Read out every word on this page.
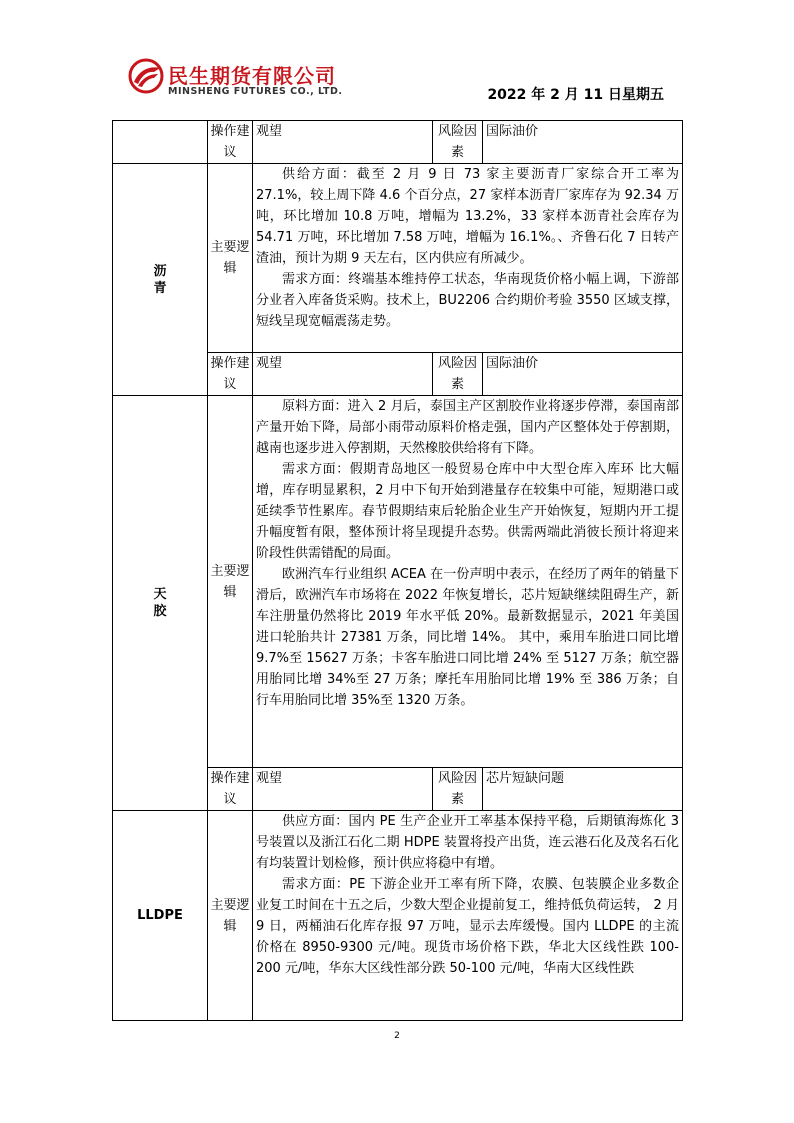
民生期货有限公司
MINSHENG FUTURES CO., LTD.	2022 年 2 月 11 日星期五
	操作建议	观望	风险因素	国际油价

沥青	主要逻辑	供给方面：截至 2 月 9 日 73 家主要沥青厂家综合开工率为 27.1%，较上周下降 4.6 个百分点，27 家样本沥青厂家库存为 92.34 万吨，环比增加 10.8 万吨，增幅为 13.2%，33 家样本沥青社会库存为 54.71 万吨，环比增加 7.58 万吨，增幅为 16.1%。、齐鲁石化 7 日转产渣油，预计为期 9 天左右，区内供应有所减少。

需求方面：终端基本维持停工状态，华南现货价格小幅上调，下游部分业者入库备货采购。技术上，BU2206 合约期价考验 3550 区域支撑，短线呈现宽幅震荡走势。		

	操作建议	观望	风险因素	国际油价

天胶	主要逻辑	原料方面：进入 2 月后，泰国主产区割胶作业将逐步停滞，泰国南部产量开始下降，局部小雨带动原料价格走强，国内产区整体处于停割期，越南也逐步进入停割期，天然橡胶供给将有下降。

需求方面：假期青岛地区一般贸易仓库中中大型仓库入库环 比大幅增，库存明显累积，2 月中下旬开始到港量存在较集中可能，短期港口或延续季节性累库。春节假期结束后轮胎企业生产开始恢复，短期内开工提升幅度暂有限，整体预计将呈现提升态势。供需两端此消彼长预计将迎来阶段性供需错配的局面。

欧洲汽车行业组织 ACEA 在一份声明中表示，在经历了两年的销量下滑后，欧洲汽车市场将在 2022 年恢复增长，芯片短缺继续阻碍生产，新车注册量仍然将比 2019 年水平低 20%。最新数据显示，2021 年美国进口轮胎共计 27381 万条，同比增 14%。 其中，乘用车胎进口同比增 9.7%至 15627 万条；卡客车胎进口同比增 24% 至 5127 万条；航空器用胎同比增 34%至 27 万条；摩托车用胎同比增 19% 至 386 万条；自行车用胎同比增 35%至 1320 万条。		

	操作建议	观望	风险因素	芯片短缺问题
LLDPE	主要逻辑	供应方面：国内 PE 生产企业开工率基本保持平稳，后期镇海炼化 3 号装置以及浙江石化二期 HDPE 装置将投产出货，连云港石化及茂名石化有均装置计划检修，预计供应将稳中有增。

需求方面：PE 下游企业开工率有所下降，农膜、包装膜企业多数企业复工时间在十五之后，少数大型企业提前复工，维持低负荷运转， 2 月 9 日，两桶油石化库存报 97 万吨，显示去库缓慢。国内 LLDPE 的主流价格在 8950-9300 元/吨。现货市场价格下跌，华北大区线性跌 100-200 元/吨，华东大区线性部分跌 50-100 元/吨，华南大区线性跌		

2
